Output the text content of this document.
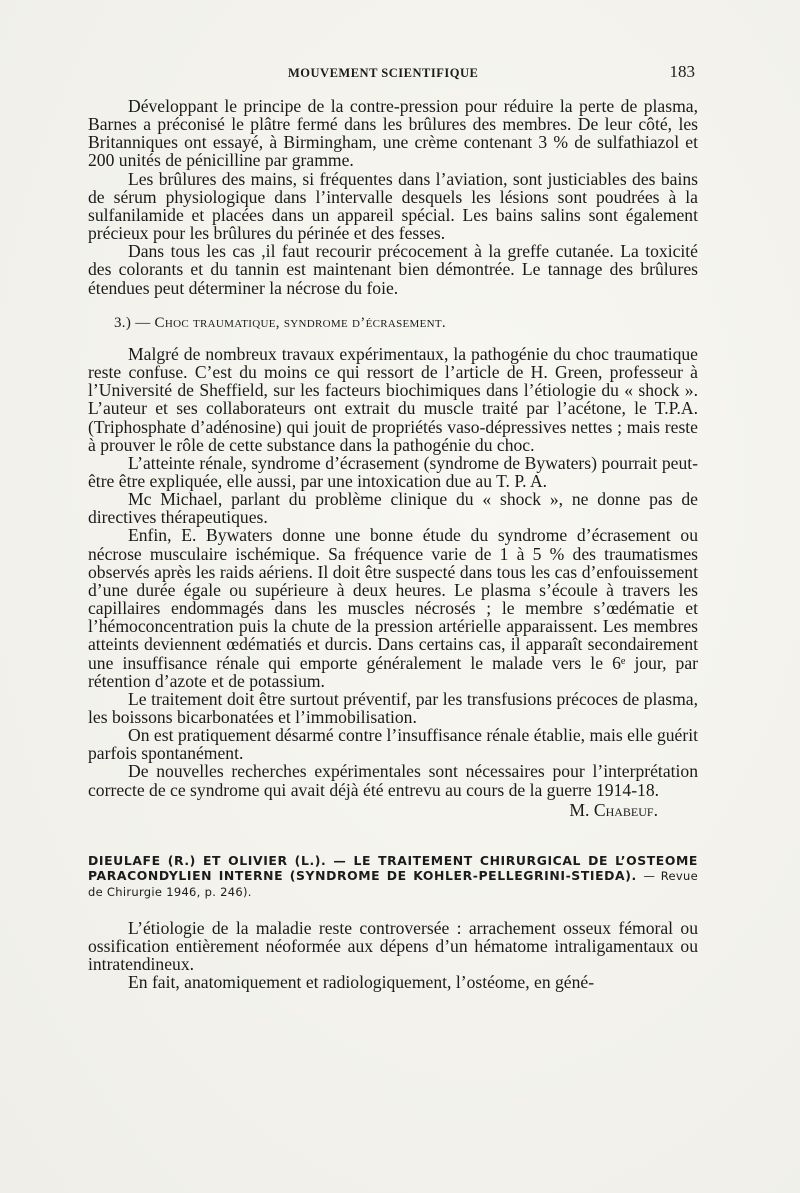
MOUVEMENT SCIENTIFIQUE	183

Développant le principe de la contre-pression pour réduire la perte de plasma, Barnes a préconisé le plâtre fermé dans les brûlures des membres. De leur côté, les Britanniques ont essayé, à Birmingham, une crème contenant 3 % de sulfathiazol et 200 unités de pénicilline par gramme.

Les brûlures des mains, si fréquentes dans l’aviation, sont justiciables des bains de sérum physiologique dans l’intervalle desquels les lésions sont poudrées à la sulfanilamide et placées dans un appareil spécial. Les bains salins sont également précieux pour les brûlures du périnée et des fesses.

Dans tous les cas ,il faut recourir précocement à la greffe cutanée. La toxicité des colorants et du tannin est maintenant bien démontrée. Le tannage des brûlures étendues peut déterminer la nécrose du foie.

3.) — Choc traumatique, syndrome d’écrasement.

Malgré de nombreux travaux expérimentaux, la pathogénie du choc traumatique reste confuse. C’est du moins ce qui ressort de l’article de H. Green, professeur à l’Université de Sheffield, sur les facteurs biochimiques dans l’étiologie du « shock ». L’auteur et ses collaborateurs ont extrait du muscle traité par l’acétone, le T.P.A. (Triphosphate d’adénosine) qui jouit de propriétés vaso-dépressives nettes ; mais reste à prouver le rôle de cette substance dans la pathogénie du choc.

L’atteinte rénale, syndrome d’écrasement (syndrome de Bywaters) pourrait peut-être être expliquée, elle aussi, par une intoxication due au T. P. A.

Mc Michael, parlant du problème clinique du « shock », ne donne pas de directives thérapeutiques.

Enfin, E. Bywaters donne une bonne étude du syndrome d’écrasement ou nécrose musculaire ischémique. Sa fréquence varie de 1 à 5 % des traumatismes observés après les raids aériens. Il doit être suspecté dans tous les cas d’enfouissement d’une durée égale ou supérieure à deux heures. Le plasma s’écoule à travers les capillaires endommagés dans les muscles nécrosés ; le membre s’œdématie et l’hémoconcentration puis la chute de la pression artérielle apparaissent. Les membres atteints deviennent œdématiés et durcis. Dans certains cas, il apparaît secondairement une insuffisance rénale qui emporte généralement le malade vers le 6ᵉ jour, par rétention d’azote et de potassium.

Le traitement doit être surtout préventif, par les transfusions précoces de plasma, les boissons bicarbonatées et l’immobilisation.

On est pratiquement désarmé contre l’insuffisance rénale établie, mais elle guérit parfois spontanément.

De nouvelles recherches expérimentales sont nécessaires pour l’interprétation correcte de ce syndrome qui avait déjà été entrevu au cours de la guerre 1914-18.

M. Chabeuf.
DIEULAFE (R.) ET OLIVIER (L.). — LE TRAITEMENT CHIRURGICAL DE L’OSTEOME PARACONDYLIEN INTERNE (SYNDROME DE KOHLER-PELLEGRINI-STIEDA). — Revue de Chirurgie 1946, p. 246).

L’étiologie de la maladie reste controversée : arrachement osseux fémoral ou ossification entièrement néoformée aux dépens d’un hématome intraligamentaux ou intratendineux.

En fait, anatomiquement et radiologiquement, l’ostéome, en géné-
